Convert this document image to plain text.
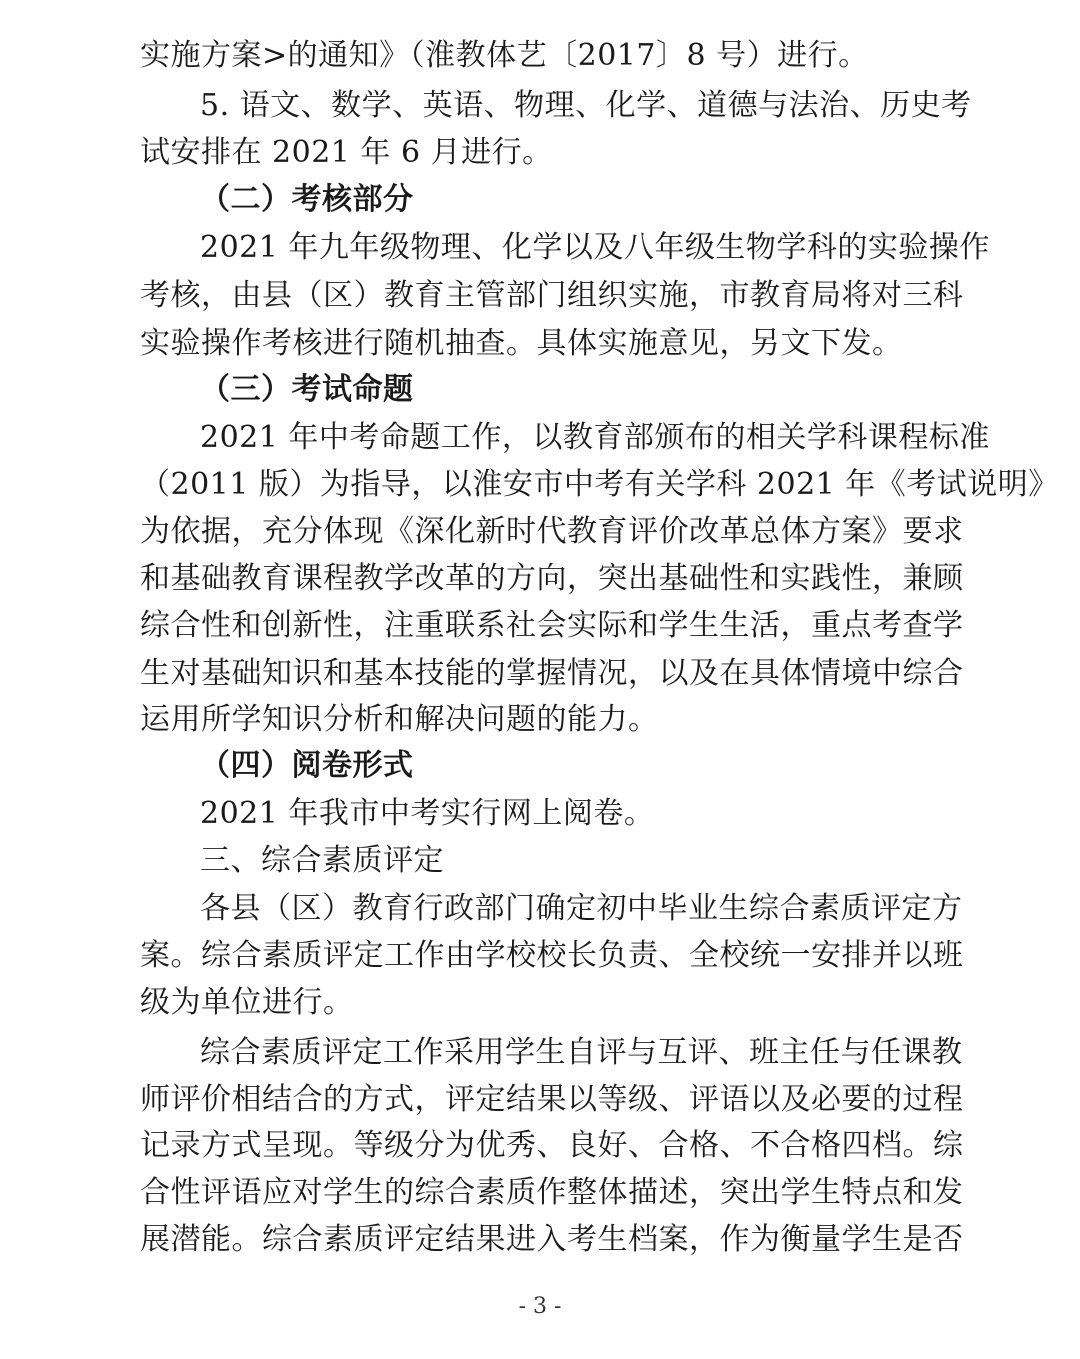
实施方案>的通知》（淮教体艺〔2017〕8 号）进行。
5. 语文、数学、英语、物理、化学、道德与法治、历史考
试安排在 2021 年 6 月进行。
（二）考核部分
2021 年九年级物理、化学以及八年级生物学科的实验操作
考核，由县（区）教育主管部门组织实施，市教育局将对三科
实验操作考核进行随机抽查。具体实施意见，另文下发。
（三）考试命题
2021 年中考命题工作，以教育部颁布的相关学科课程标准
（2011 版）为指导，以淮安市中考有关学科 2021 年《考试说明》
为依据，充分体现《深化新时代教育评价改革总体方案》要求
和基础教育课程教学改革的方向，突出基础性和实践性，兼顾
综合性和创新性，注重联系社会实际和学生生活，重点考查学
生对基础知识和基本技能的掌握情况，以及在具体情境中综合
运用所学知识分析和解决问题的能力。
（四）阅卷形式
2021 年我市中考实行网上阅卷。
三、综合素质评定
各县（区）教育行政部门确定初中毕业生综合素质评定方
案。综合素质评定工作由学校校长负责、全校统一安排并以班
级为单位进行。
综合素质评定工作采用学生自评与互评、班主任与任课教
师评价相结合的方式，评定结果以等级、评语以及必要的过程
记录方式呈现。等级分为优秀、良好、合格、不合格四档。综
合性评语应对学生的综合素质作整体描述，突出学生特点和发
展潜能。综合素质评定结果进入考生档案，作为衡量学生是否
- 3 -
